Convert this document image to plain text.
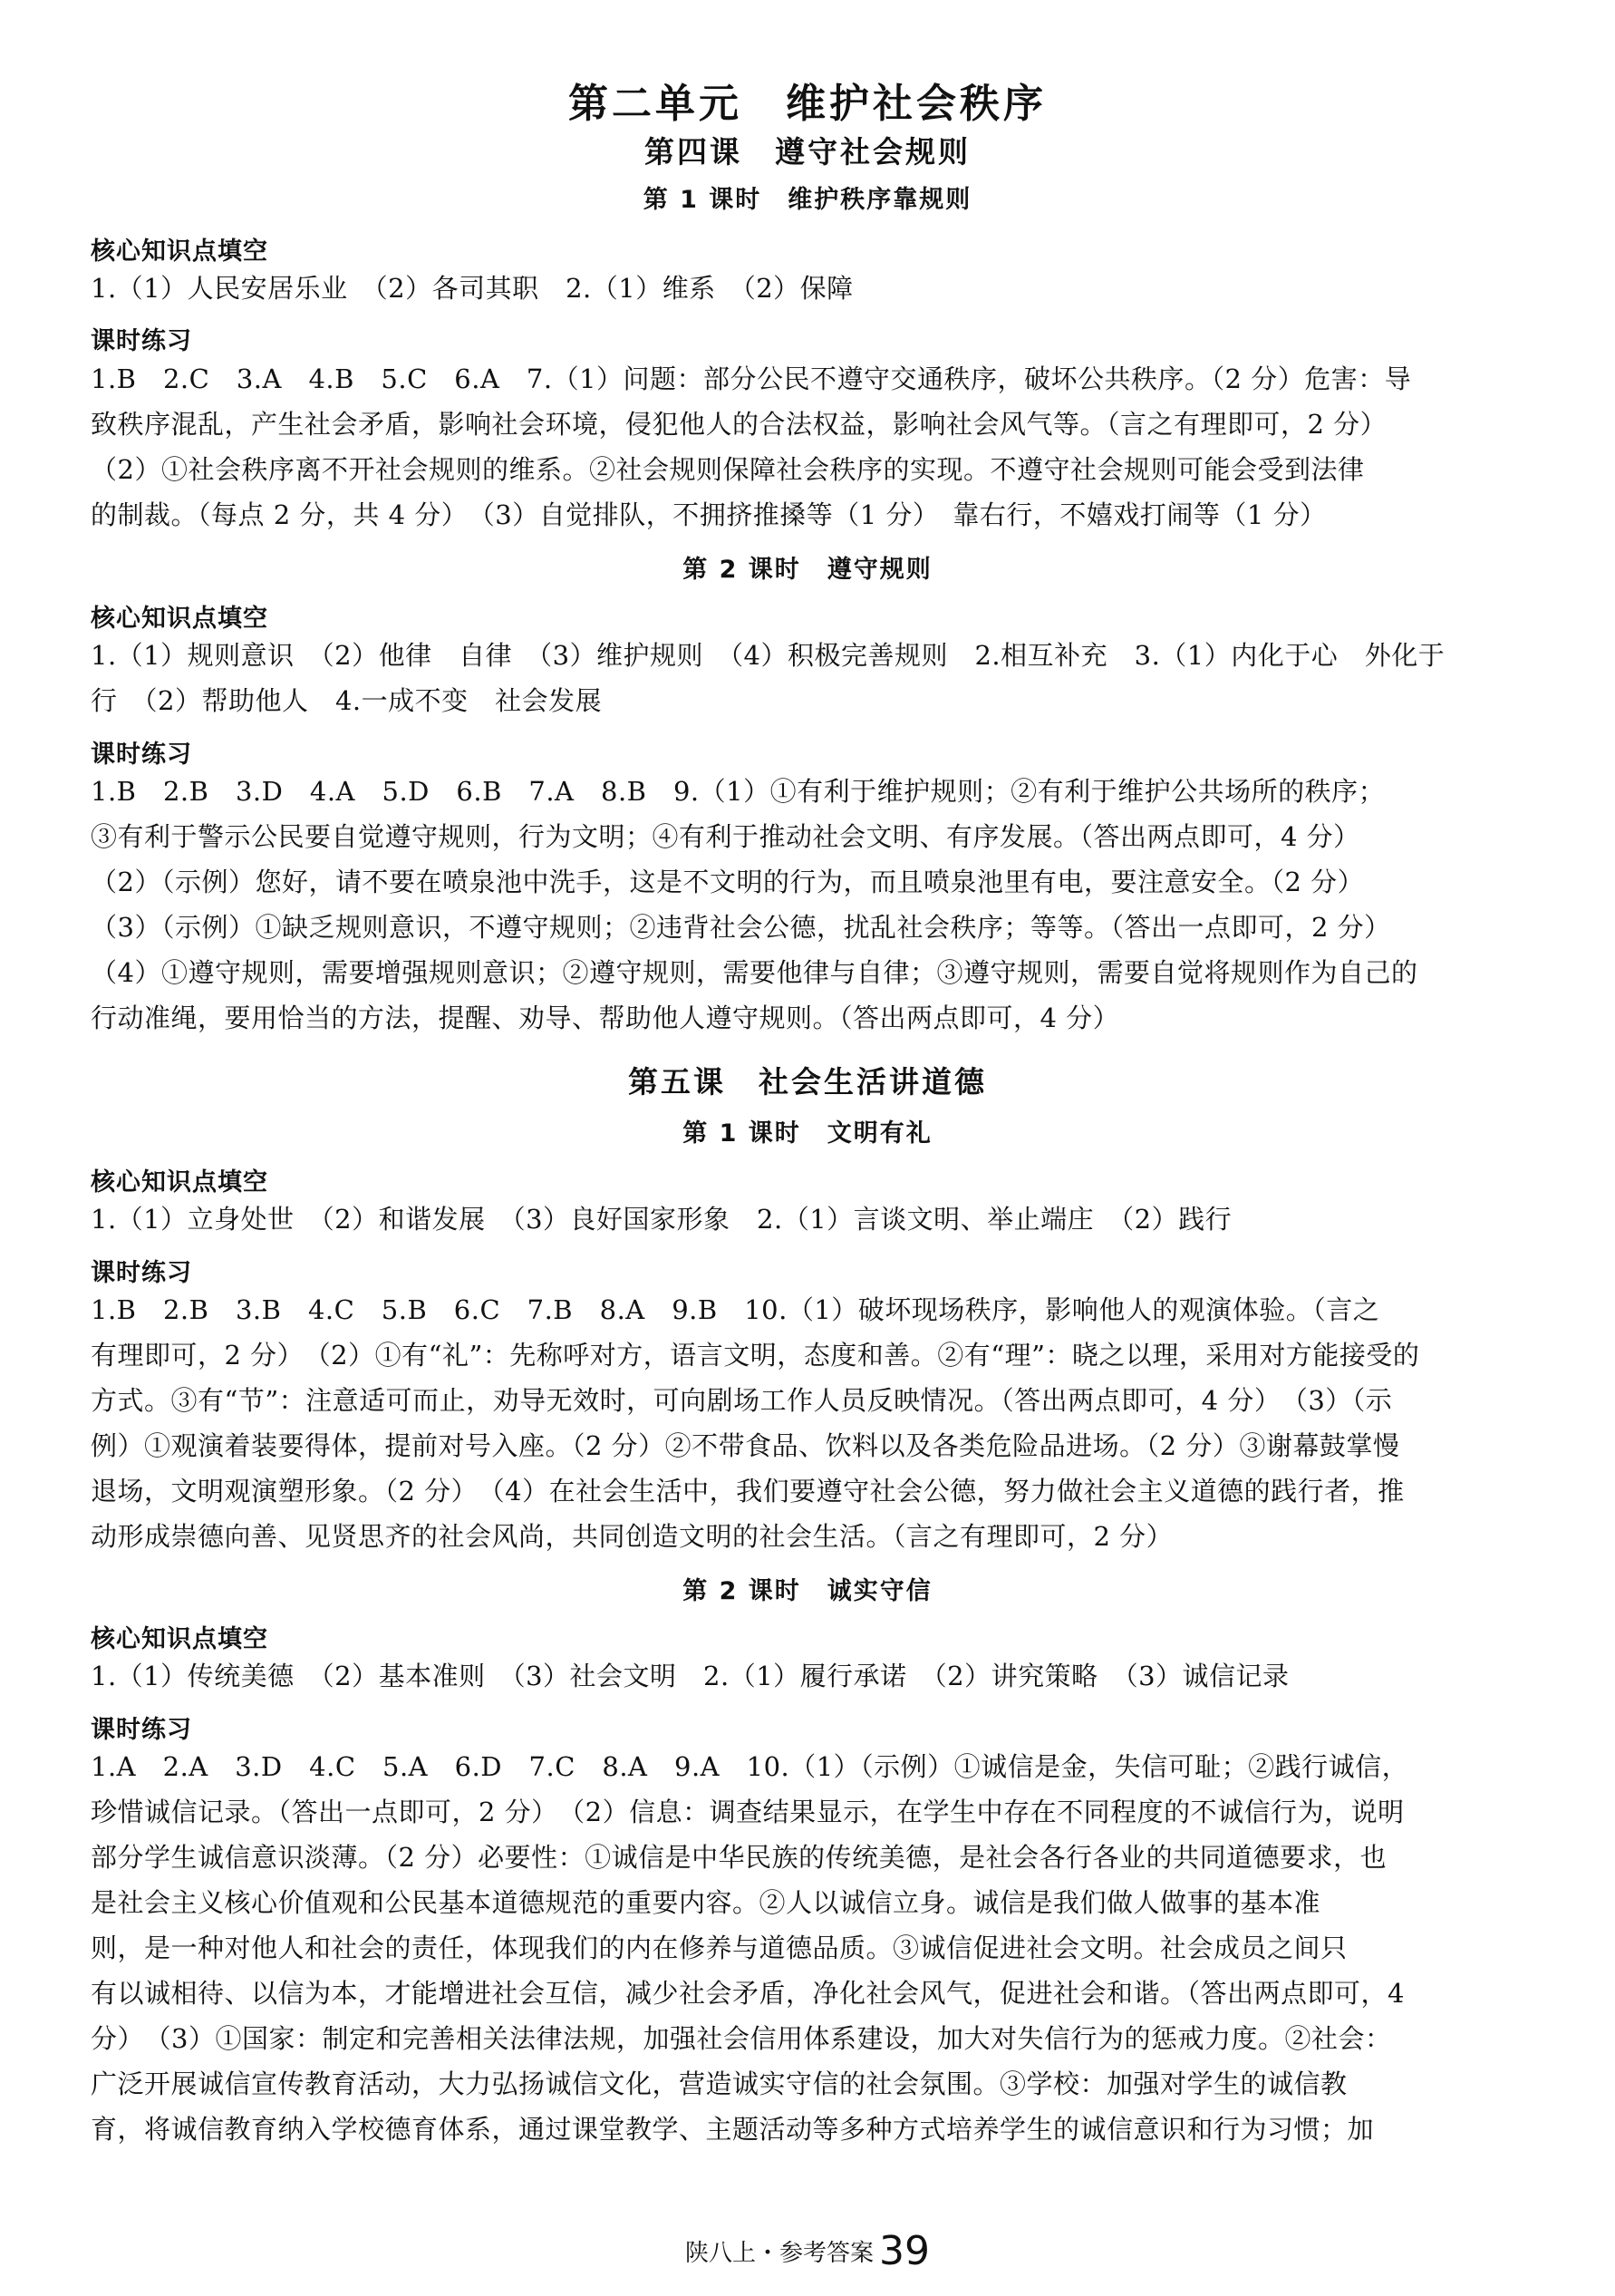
第二单元　维护社会秩序
第四课　遵守社会规则
第 1 课时　维护秩序靠规则
核心知识点填空
1.（1）人民安居乐业　（2）各司其职　2.（1）维系　（2）保障
课时练习
1.B　2.C　3.A　4.B　5.C　6.A　7.（1）问题：部分公民不遵守交通秩序，破坏公共秩序。（2 分）危害：导
致秩序混乱，产生社会矛盾，影响社会环境，侵犯他人的合法权益，影响社会风气等。（言之有理即可，2 分）
（2）①社会秩序离不开社会规则的维系。②社会规则保障社会秩序的实现。不遵守社会规则可能会受到法律
的制裁。（每点 2 分，共 4 分）　（3）自觉排队，不拥挤推搡等（1 分）　靠右行，不嬉戏打闹等（1 分）
第 2 课时　遵守规则
核心知识点填空
1.（1）规则意识　（2）他律　自律　（3）维护规则　（4）积极完善规则　2.相互补充　3.（1）内化于心　外化于
行　（2）帮助他人　4.一成不变　社会发展
课时练习
1.B　2.B　3.D　4.A　5.D　6.B　7.A　8.B　9.（1）①有利于维护规则；②有利于维护公共场所的秩序；
③有利于警示公民要自觉遵守规则，行为文明；④有利于推动社会文明、有序发展。（答出两点即可，4 分）
（2）（示例）您好，请不要在喷泉池中洗手，这是不文明的行为，而且喷泉池里有电，要注意安全。（2 分）
（3）（示例）①缺乏规则意识，不遵守规则；②违背社会公德，扰乱社会秩序；等等。（答出一点即可，2 分）
（4）①遵守规则，需要增强规则意识；②遵守规则，需要他律与自律；③遵守规则，需要自觉将规则作为自己的
行动准绳，要用恰当的方法，提醒、劝导、帮助他人遵守规则。（答出两点即可，4 分）
第五课　社会生活讲道德
第 1 课时　文明有礼
核心知识点填空
1.（1）立身处世　（2）和谐发展　（3）良好国家形象　2.（1）言谈文明、举止端庄　（2）践行
课时练习
1.B　2.B　3.B　4.C　5.B　6.C　7.B　8.A　9.B　10.（1）破坏现场秩序，影响他人的观演体验。（言之
有理即可，2 分）　（2）①有“礼”：先称呼对方，语言文明，态度和善。②有“理”：晓之以理，采用对方能接受的
方式。③有“节”：注意适可而止，劝导无效时，可向剧场工作人员反映情况。（答出两点即可，4 分）　（3）（示
例）①观演着装要得体，提前对号入座。（2 分）②不带食品、饮料以及各类危险品进场。（2 分）③谢幕鼓掌慢
退场，文明观演塑形象。（2 分）　（4）在社会生活中，我们要遵守社会公德，努力做社会主义道德的践行者，推
动形成崇德向善、见贤思齐的社会风尚，共同创造文明的社会生活。（言之有理即可，2 分）
第 2 课时　诚实守信
核心知识点填空
1.（1）传统美德　（2）基本准则　（3）社会文明　2.（1）履行承诺　（2）讲究策略　（3）诚信记录
课时练习
1.A　2.A　3.D　4.C　5.A　6.D　7.C　8.A　9.A　10.（1）（示例）①诚信是金，失信可耻；②践行诚信，
珍惜诚信记录。（答出一点即可，2 分）　（2）信息：调查结果显示，在学生中存在不同程度的不诚信行为，说明
部分学生诚信意识淡薄。（2 分）必要性：①诚信是中华民族的传统美德，是社会各行各业的共同道德要求，也
是社会主义核心价值观和公民基本道德规范的重要内容。②人以诚信立身。诚信是我们做人做事的基本准
则，是一种对他人和社会的责任，体现我们的内在修养与道德品质。③诚信促进社会文明。社会成员之间只
有以诚相待、以信为本，才能增进社会互信，减少社会矛盾，净化社会风气，促进社会和谐。（答出两点即可，4
分）　（3）①国家：制定和完善相关法律法规，加强社会信用体系建设，加大对失信行为的惩戒力度。②社会：
广泛开展诚信宣传教育活动，大力弘扬诚信文化，营造诚实守信的社会氛围。③学校：加强对学生的诚信教
育，将诚信教育纳入学校德育体系，通过课堂教学、主题活动等多种方式培养学生的诚信意识和行为习惯；加
陕八上・参考答案 39
